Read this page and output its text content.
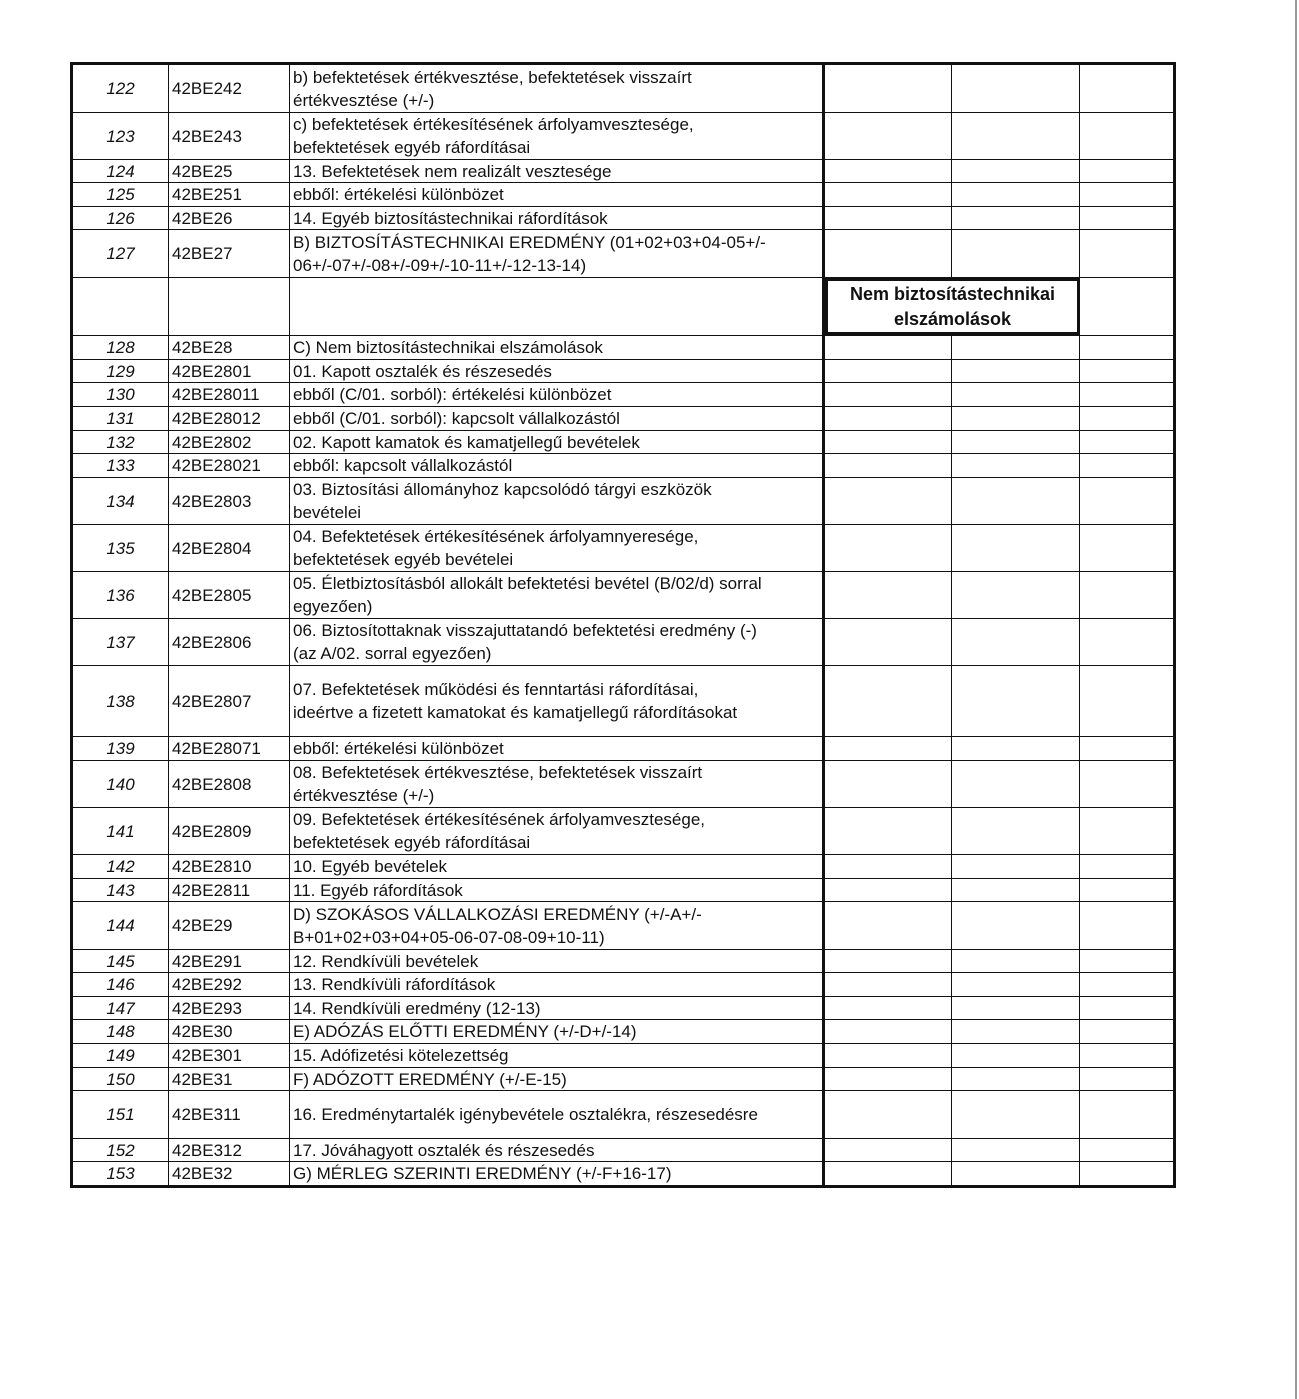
122	42BE242
b) befektetések értékvesztése, befektetések visszaírt
értékvesztése (+/-)
123	42BE243
c) befektetések értékesítésének árfolyamvesztesége,
befektetések egyéb ráfordításai
124	42BE25	13. Befektetések nem realizált vesztesége
125	42BE251	ebből: értékelési különbözet
126	42BE26	14. Egyéb biztosítástechnikai ráfordítások
127	42BE27
B) BIZTOSÍTÁSTECHNIKAI EREDMÉNY (01+02+03+04-05+/-
06+/-07+/-08+/-09+/-10-11+/-12-13-14)
Nem biztosítástechnikai
elszámolások
128	42BE28	C) Nem biztosítástechnikai elszámolások
129	42BE2801	01. Kapott osztalék és részesedés
130	42BE28011	ebből (C/01. sorból): értékelési különbözet
131	42BE28012	ebből (C/01. sorból): kapcsolt vállalkozástól
132	42BE2802	02. Kapott kamatok és kamatjellegű bevételek
133	42BE28021	ebből: kapcsolt vállalkozástól
134	42BE2803
03. Biztosítási állományhoz kapcsolódó tárgyi eszközök
bevételei
135	42BE2804
04. Befektetések értékesítésének árfolyamnyeresége,
befektetések egyéb bevételei
136	42BE2805
05. Életbiztosításból allokált befektetési bevétel (B/02/d) sorral
egyezően)
137	42BE2806
06. Biztosítottaknak visszajuttatandó befektetési eredmény (-)
(az A/02. sorral egyezően)
138	42BE2807
07. Befektetések működési és fenntartási ráfordításai,
ideértve a fizetett kamatokat és kamatjellegű ráfordításokat
139	42BE28071	ebből: értékelési különbözet
140	42BE2808
08. Befektetések értékvesztése, befektetések visszaírt
értékvesztése (+/-)
141	42BE2809
09. Befektetések értékesítésének árfolyamvesztesége,
befektetések egyéb ráfordításai
142	42BE2810	10. Egyéb bevételek
143	42BE2811	11. Egyéb ráfordítások
144	42BE29
D) SZOKÁSOS VÁLLALKOZÁSI EREDMÉNY (+/-A+/-
B+01+02+03+04+05-06-07-08-09+10-11)
145	42BE291	12. Rendkívüli bevételek
146	42BE292	13. Rendkívüli ráfordítások
147	42BE293	14. Rendkívüli eredmény (12-13)
148	42BE30	E) ADÓZÁS ELŐTTI EREDMÉNY (+/-D+/-14)
149	42BE301	15. Adófizetési kötelezettség
150	42BE31	F) ADÓZOTT EREDMÉNY (+/-E-15)
151	42BE311	16. Eredménytartalék igénybevétele osztalékra, részesedésre
152	42BE312	17. Jóváhagyott osztalék és részesedés
153	42BE32	G) MÉRLEG SZERINTI EREDMÉNY (+/-F+16-17)
